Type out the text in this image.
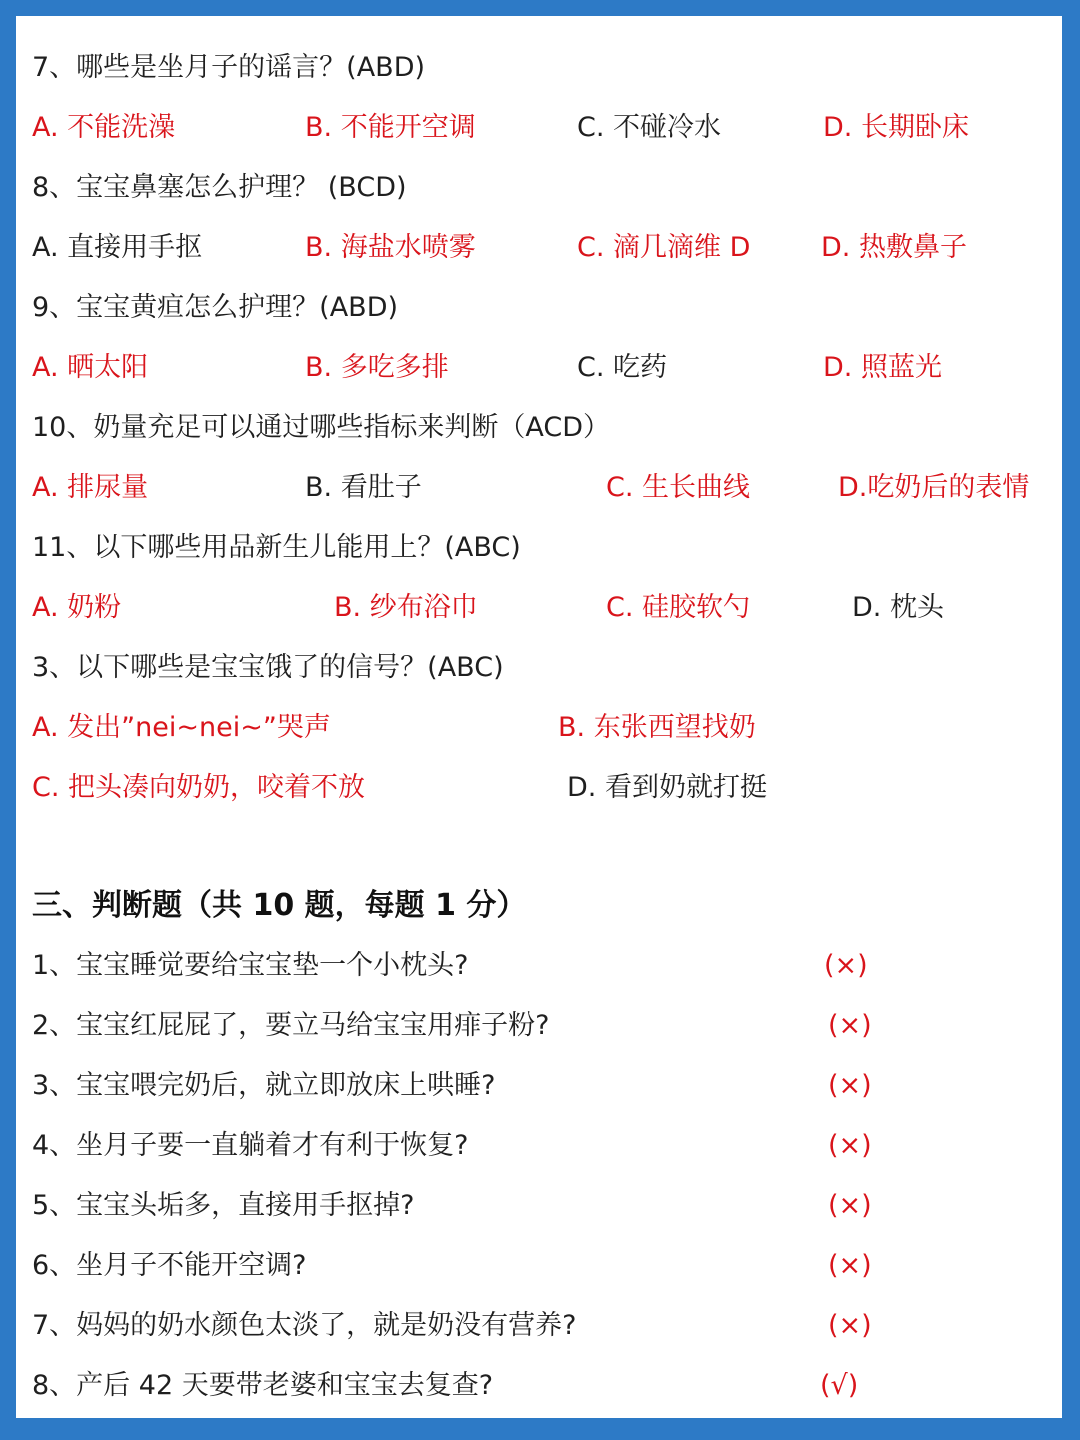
7、哪些是坐月子的谣言？(ABD)
A. 不能洗澡	B. 不能开空调	C. 不碰冷水	D. 长期卧床
8、宝宝鼻塞怎么护理？ (BCD)
A. 直接用手抠	B. 海盐水喷雾	C. 滴几滴维 D	D. 热敷鼻子
9、宝宝黄疸怎么护理？(ABD)
A. 晒太阳	B. 多吃多排	C. 吃药	D. 照蓝光
10、奶量充足可以通过哪些指标来判断（ACD）
A. 排尿量	B. 看肚子	C. 生长曲线	D.吃奶后的表情
11、以下哪些用品新生儿能用上？(ABC)
A. 奶粉	B. 纱布浴巾	C. 硅胶软勺	D. 枕头
3、以下哪些是宝宝饿了的信号？(ABC)
A. 发出”nei~nei~”哭声	B. 东张西望找奶
C. 把头凑向奶奶，咬着不放	D. 看到奶就打挺
三、判断题（共 10 题，每题 1 分）
1、宝宝睡觉要给宝宝垫一个小枕头?	(×)
2、宝宝红屁屁了，要立马给宝宝用痱子粉?	(×)
3、宝宝喂完奶后，就立即放床上哄睡?	(×)
4、坐月子要一直躺着才有利于恢复?	(×)
5、宝宝头垢多，直接用手抠掉?	(×)
6、坐月子不能开空调?	(×)
7、妈妈的奶水颜色太淡了，就是奶没有营养?	(×)
8、产后 42 天要带老婆和宝宝去复查?	(√)
